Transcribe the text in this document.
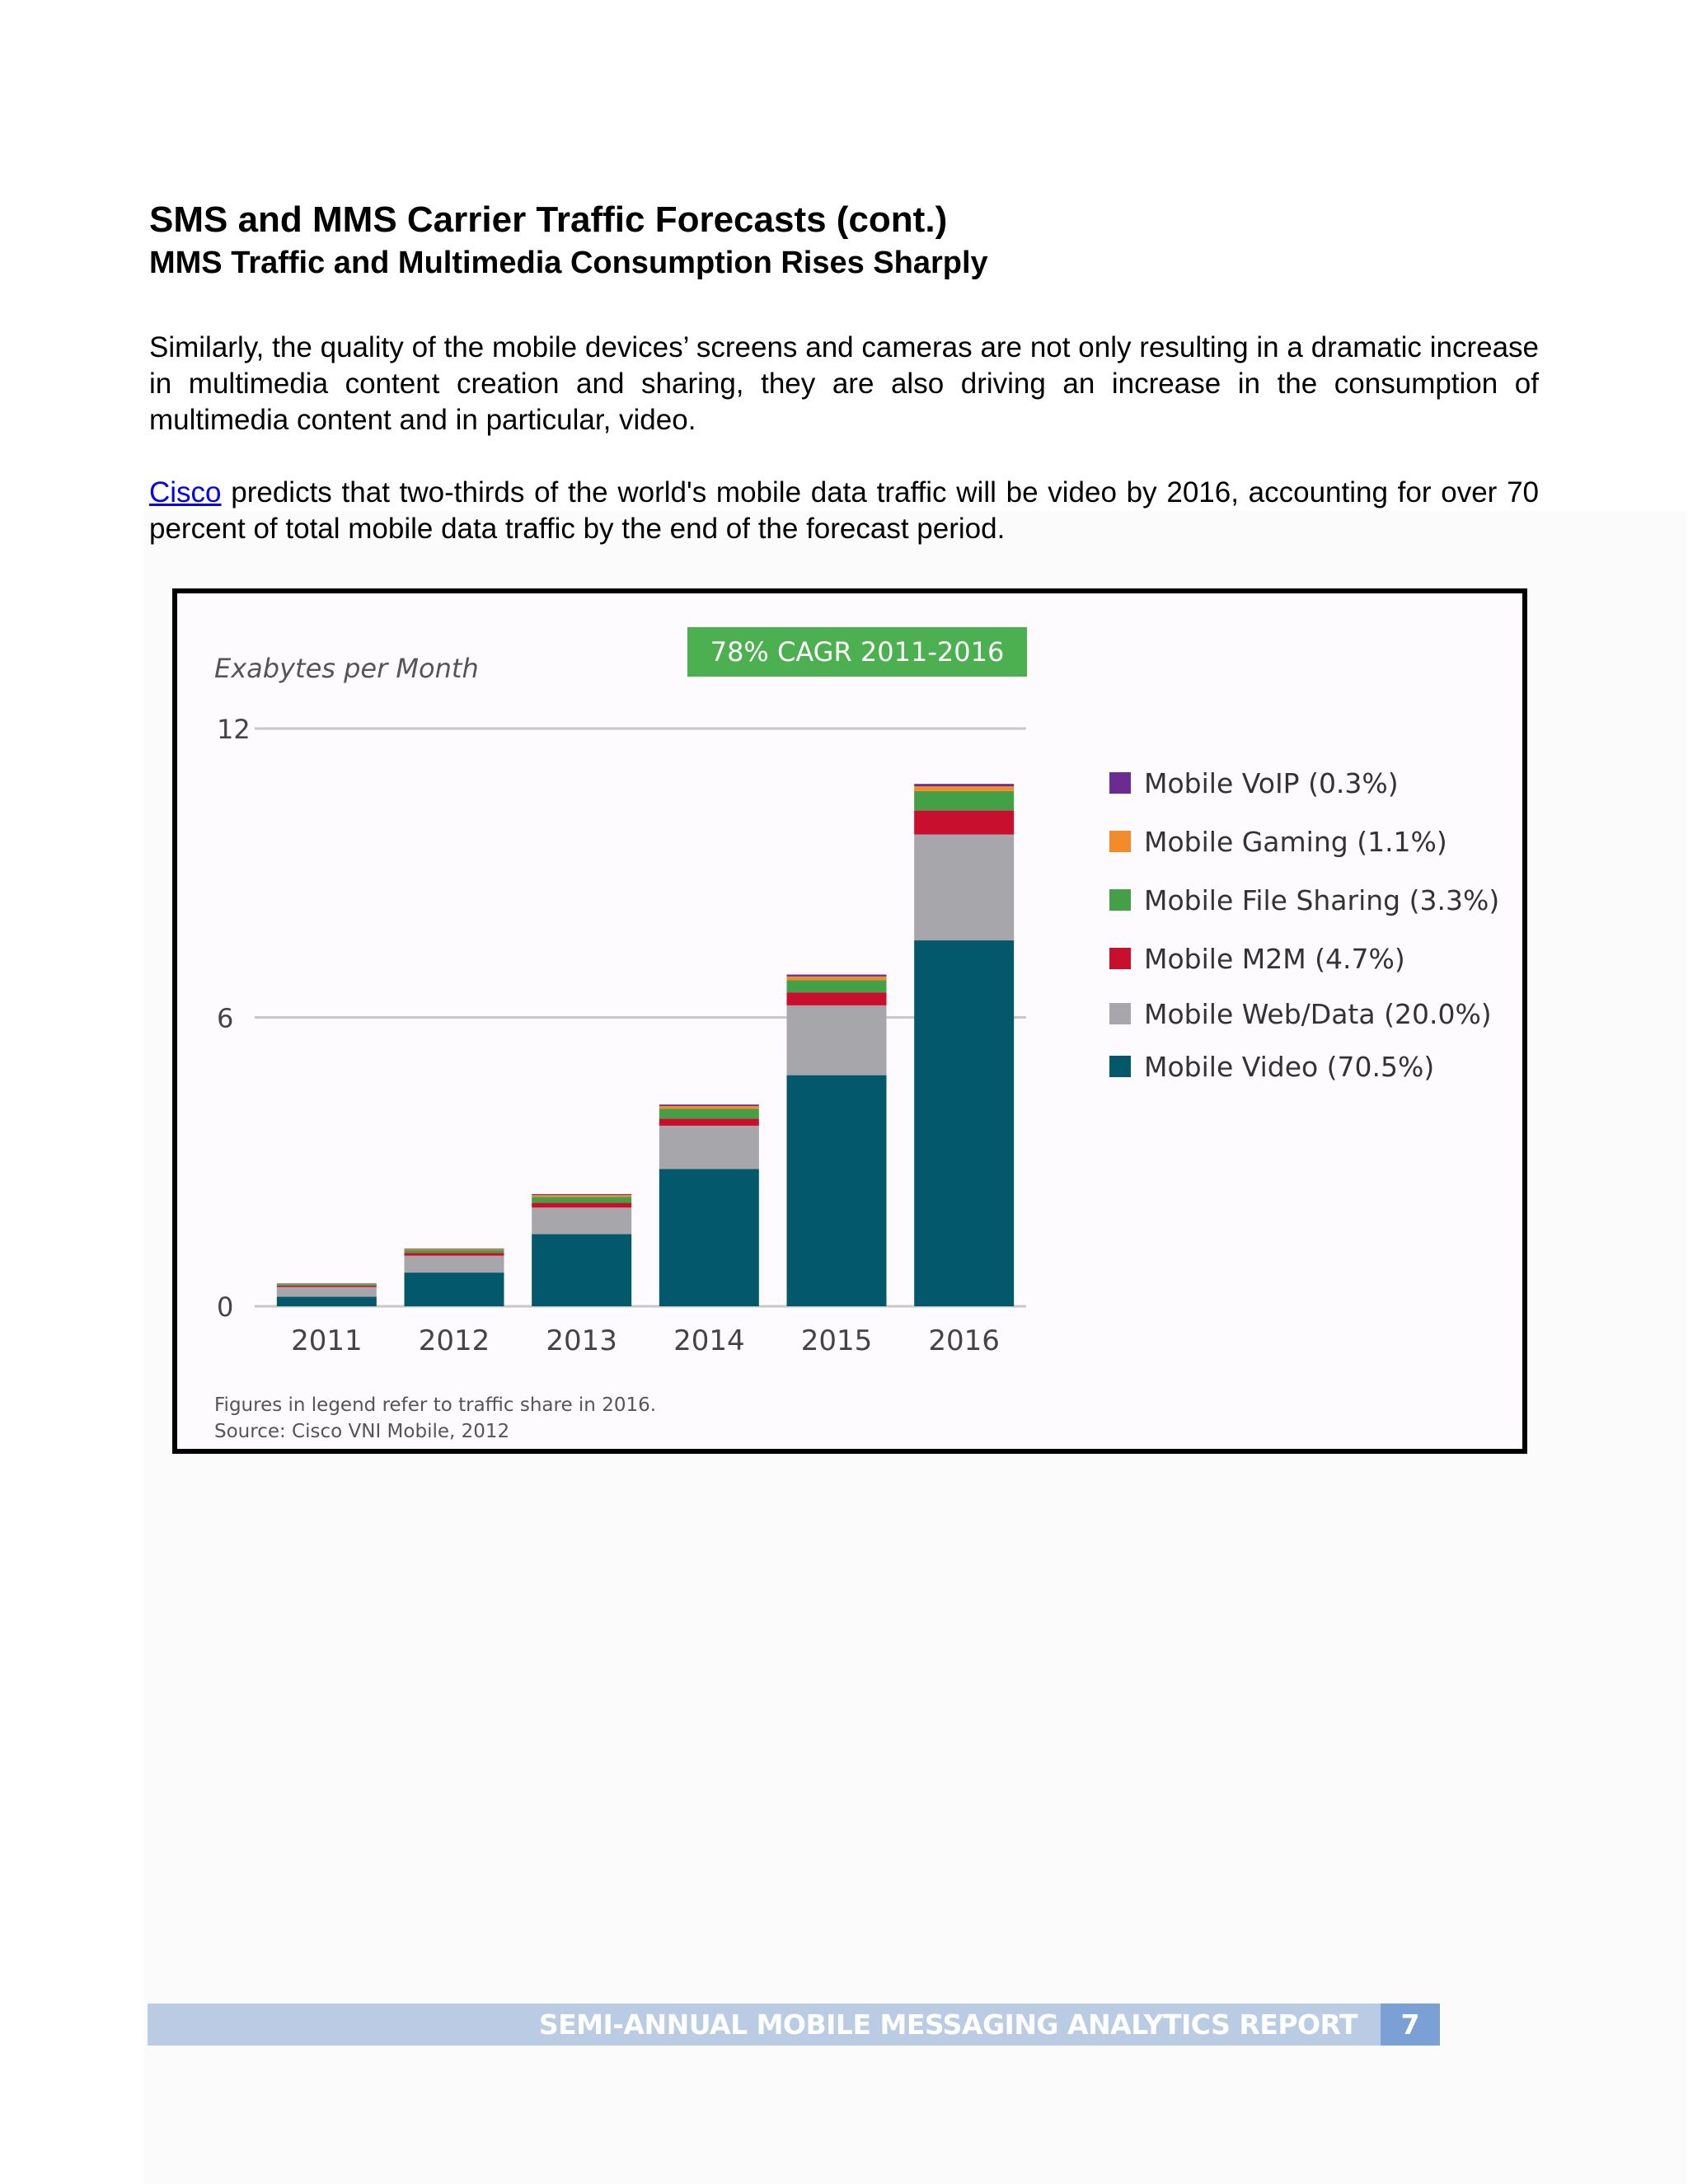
SMS and MMS Carrier Traffic Forecasts (cont.)

MMS Traffic and Multimedia Consumption Rises Sharply

Similarly, the quality of the mobile devices’ screens and cameras are not only resulting in a dramatic increase in multimedia content creation and sharing, they are also driving an increase in the consumption of multimedia content and in particular, video.

Cisco predicts that two-thirds of the world's mobile data traffic will be video by 2016, accounting for over 70 percent of total mobile data traffic by the end of the forecast period.

Exabytes per Month
78% CAGR 2011-2016
0
6
12
2011 2012 2013 2014 2015 2016
Mobile VoIP (0.3%)
Mobile Gaming (1.1%)
Mobile File Sharing (3.3%)
Mobile M2M (4.7%)
Mobile Web/Data (20.0%)
Mobile Video (70.5%)
Figures in legend refer to traffic share in 2016.
Source: Cisco VNI Mobile, 2012
SEMI-ANNUAL MOBILE MESSAGING ANALYTICS REPORT	7
